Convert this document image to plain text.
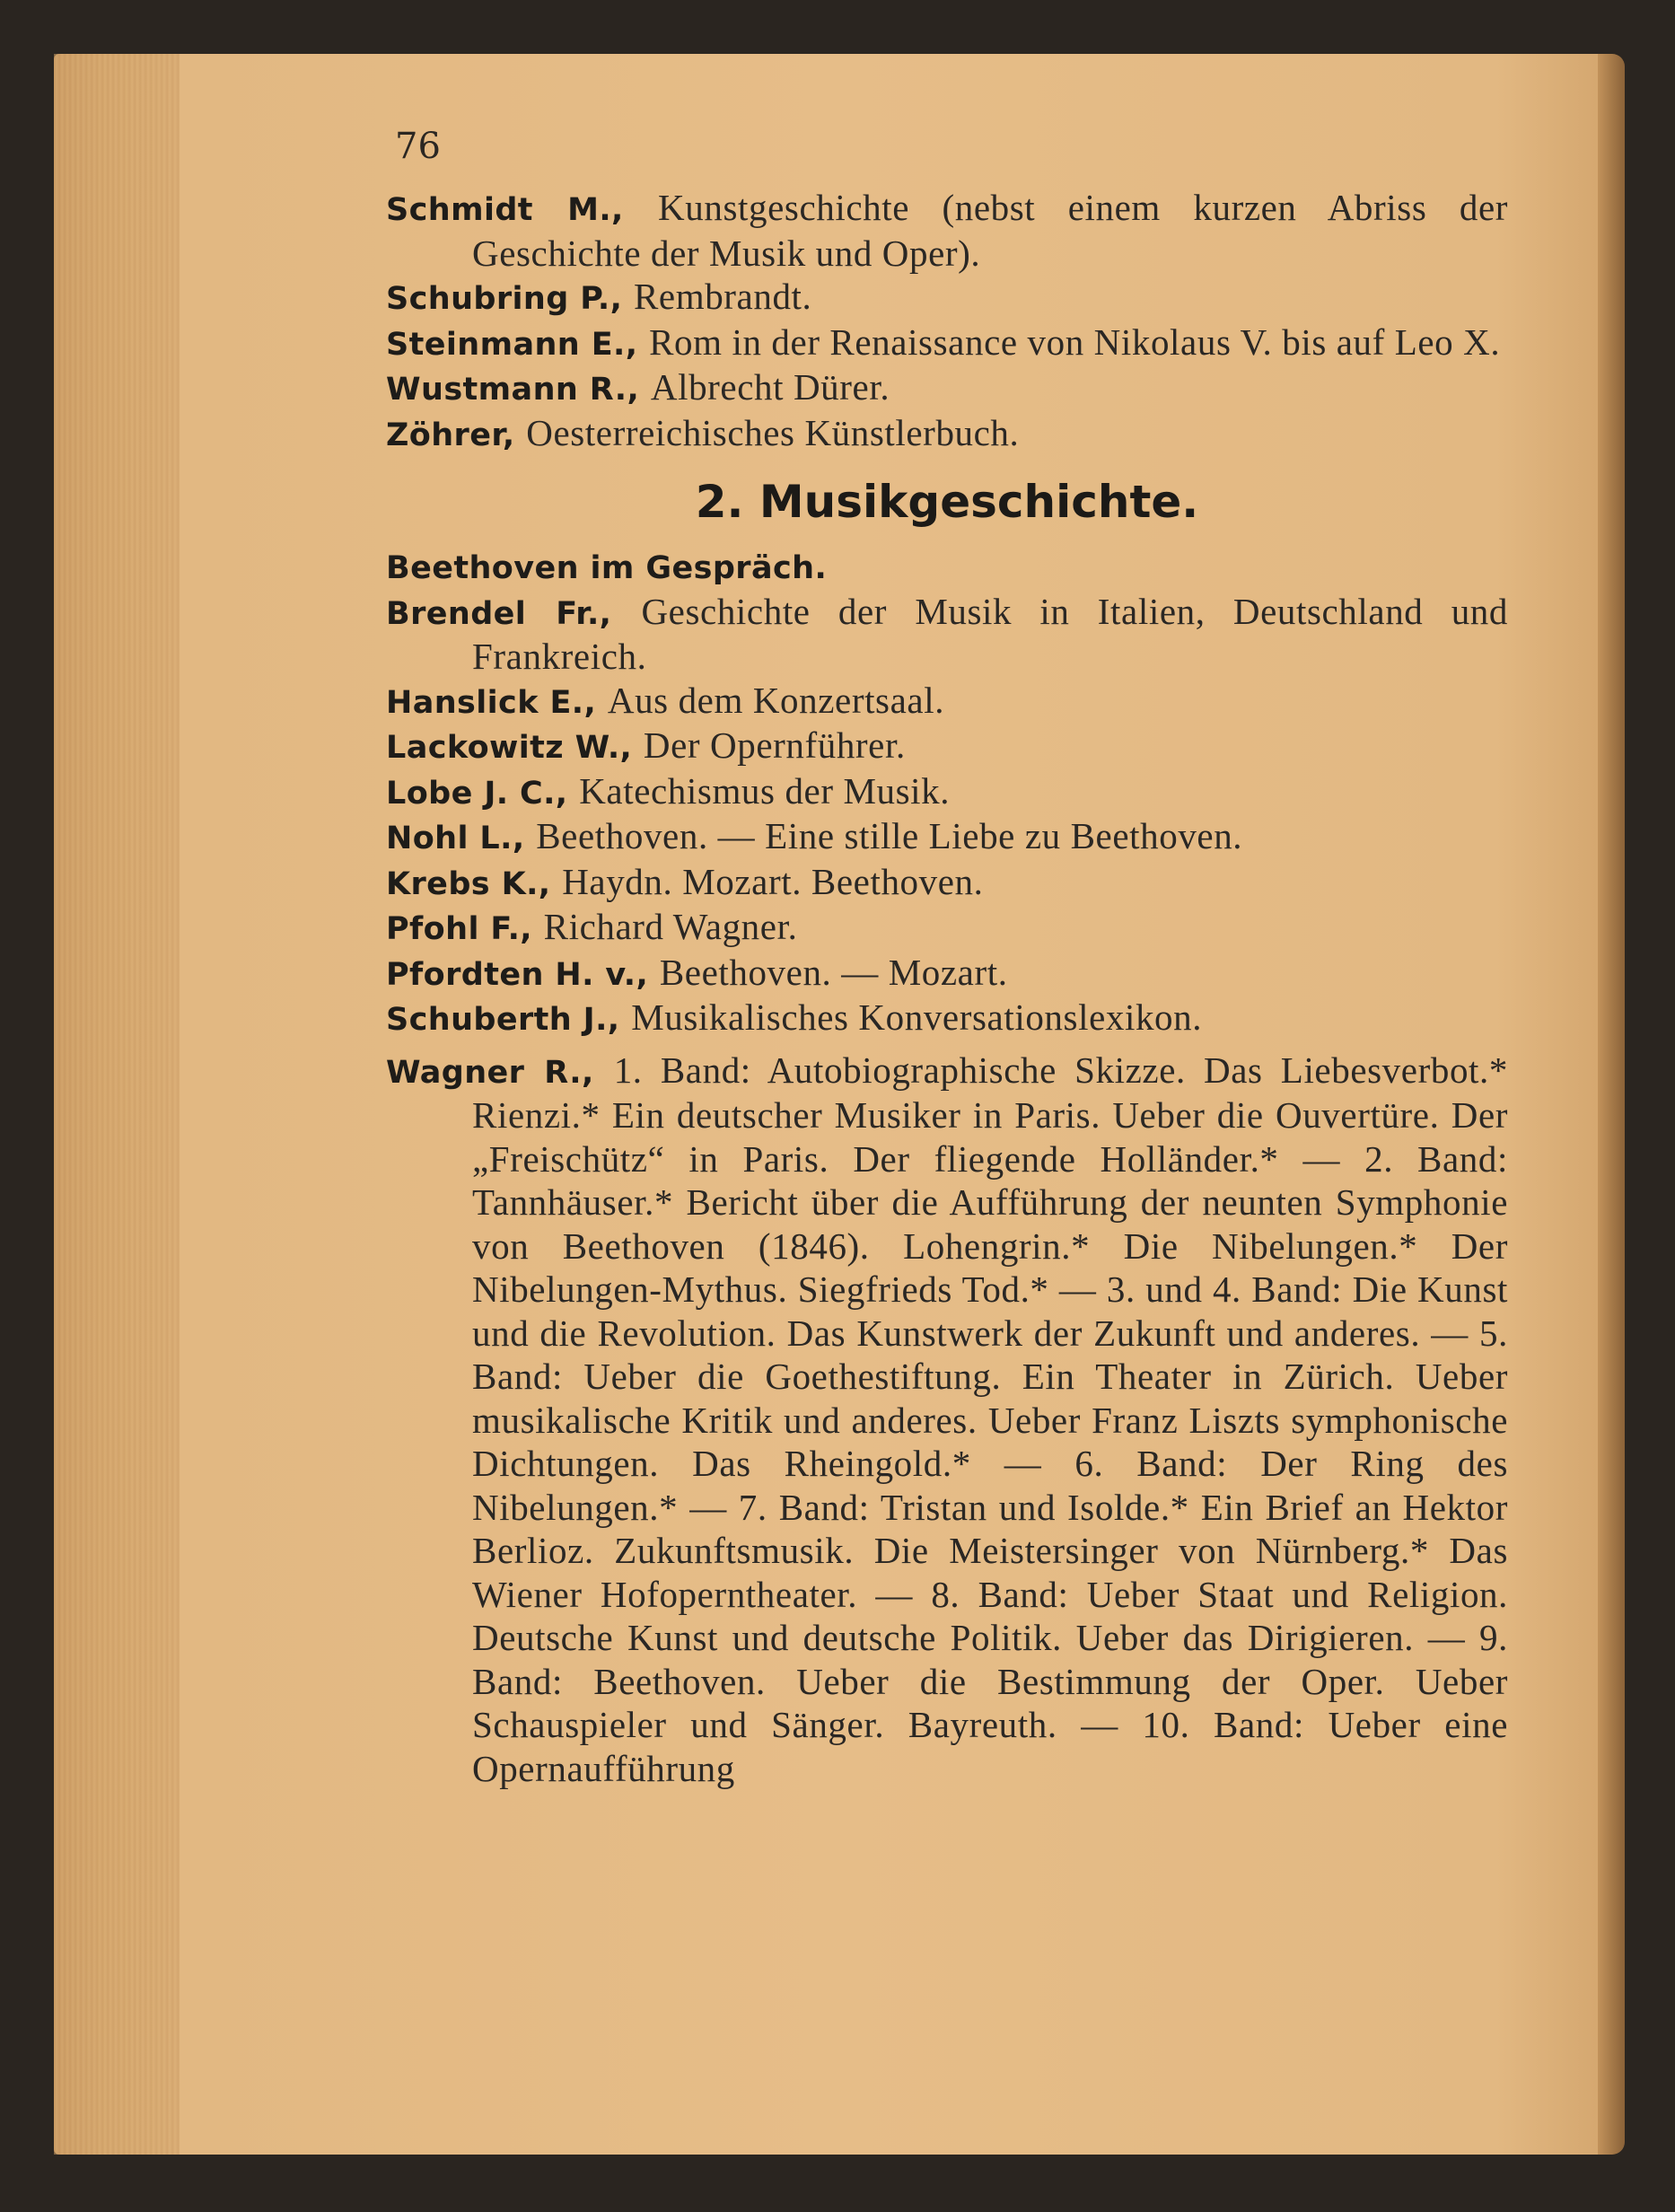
76
Schmidt M., Kunstgeschichte (nebst einem kurzen Abriss der Geschichte der Musik und Oper).
Schubring P., Rembrandt.
Steinmann E., Rom in der Renaissance von Nikolaus V. bis auf Leo X.
Wustmann R., Albrecht Dürer.
Zöhrer, Oesterreichisches Künstlerbuch.
2. Musikgeschichte.
Beethoven im Gespräch.
Brendel Fr., Geschichte der Musik in Italien, Deutschland und Frankreich.
Hanslick E., Aus dem Konzertsaal.
Lackowitz W., Der Opernführer.
Lobe J. C., Katechismus der Musik.
Nohl L., Beethoven. — Eine stille Liebe zu Beethoven.
Krebs K., Haydn. Mozart. Beethoven.
Pfohl F., Richard Wagner.
Pfordten H. v., Beethoven. — Mozart.
Schuberth J., Musikalisches Konversationslexikon.
Wagner R., 1. Band: Autobiographische Skizze. Das Liebesverbot.* Rienzi.* Ein deutscher Musiker in Paris. Ueber die Ouvertüre. Der „Freischütz“ in Paris. Der fliegende Holländer.* — 2. Band: Tannhäuser.* Bericht über die Aufführung der neunten Symphonie von Beethoven (1846). Lohengrin.* Die Nibelungen.* Der Nibelungen-Mythus. Siegfrieds Tod.* — 3. und 4. Band: Die Kunst und die Revolution. Das Kunstwerk der Zukunft und anderes. — 5. Band: Ueber die Goethestiftung. Ein Theater in Zürich. Ueber musikalische Kritik und anderes. Ueber Franz Liszts symphonische Dichtungen. Das Rheingold.* — 6. Band: Der Ring des Nibelungen.* — 7. Band: Tristan und Isolde.* Ein Brief an Hektor Berlioz. Zukunftsmusik. Die Meistersinger von Nürnberg.* Das Wiener Hofoperntheater. — 8. Band: Ueber Staat und Religion. Deutsche Kunst und deutsche Politik. Ueber das Dirigieren. — 9. Band: Beethoven. Ueber die Bestimmung der Oper. Ueber Schauspieler und Sänger. Bayreuth. — 10. Band: Ueber eine Opernaufführung
